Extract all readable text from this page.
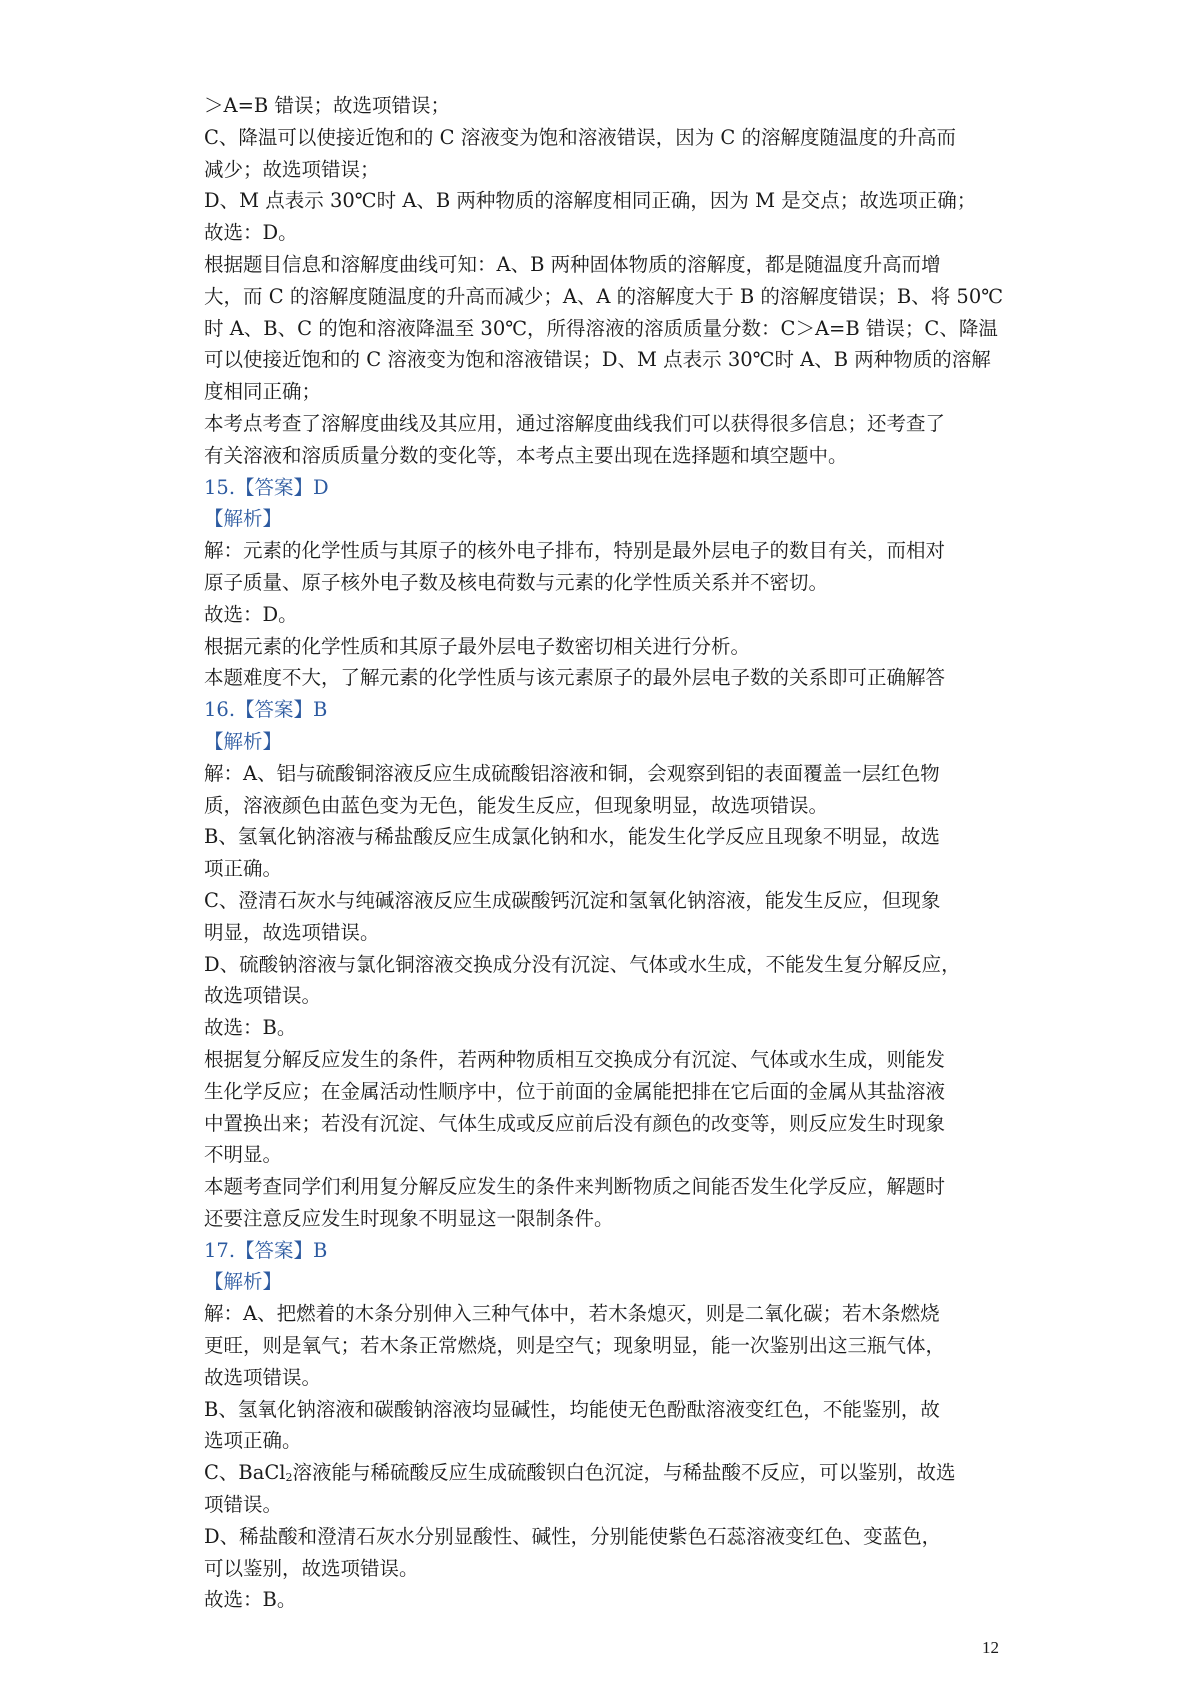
＞A=B 错误；故选项错误；
C、降温可以使接近饱和的 C 溶液变为饱和溶液错误，因为 C 的溶解度随温度的升高而
减少；故选项错误；
D、M 点表示 30℃时 A、B 两种物质的溶解度相同正确，因为 M 是交点；故选项正确；
故选：D。
根据题目信息和溶解度曲线可知：A、B 两种固体物质的溶解度，都是随温度升高而增
大，而 C 的溶解度随温度的升高而减少；A、A 的溶解度大于 B 的溶解度错误；B、将 50℃
时 A、B、C 的饱和溶液降温至 30℃，所得溶液的溶质质量分数：C＞A=B 错误；C、降温
可以使接近饱和的 C 溶液变为饱和溶液错误；D、M 点表示 30℃时 A、B 两种物质的溶解
度相同正确；
本考点考查了溶解度曲线及其应用，通过溶解度曲线我们可以获得很多信息；还考查了
有关溶液和溶质质量分数的变化等，本考点主要出现在选择题和填空题中。
15.【答案】D
【解析】
解：元素的化学性质与其原子的核外电子排布，特别是最外层电子的数目有关，而相对
原子质量、原子核外电子数及核电荷数与元素的化学性质关系并不密切。
故选：D。
根据元素的化学性质和其原子最外层电子数密切相关进行分析。
本题难度不大，了解元素的化学性质与该元素原子的最外层电子数的关系即可正确解答
16.【答案】B
【解析】
解：A、铝与硫酸铜溶液反应生成硫酸铝溶液和铜，会观察到铝的表面覆盖一层红色物
质，溶液颜色由蓝色变为无色，能发生反应，但现象明显，故选项错误。
B、氢氧化钠溶液与稀盐酸反应生成氯化钠和水，能发生化学反应且现象不明显，故选
项正确。
C、澄清石灰水与纯碱溶液反应生成碳酸钙沉淀和氢氧化钠溶液，能发生反应，但现象
明显，故选项错误。
D、硫酸钠溶液与氯化铜溶液交换成分没有沉淀、气体或水生成，不能发生复分解反应，
故选项错误。
故选：B。
根据复分解反应发生的条件，若两种物质相互交换成分有沉淀、气体或水生成，则能发
生化学反应；在金属活动性顺序中，位于前面的金属能把排在它后面的金属从其盐溶液
中置换出来；若没有沉淀、气体生成或反应前后没有颜色的改变等，则反应发生时现象
不明显。
本题考查同学们利用复分解反应发生的条件来判断物质之间能否发生化学反应，解题时
还要注意反应发生时现象不明显这一限制条件。
17.【答案】B
【解析】
解：A、把燃着的木条分别伸入三种气体中，若木条熄灭，则是二氧化碳；若木条燃烧
更旺，则是氧气；若木条正常燃烧，则是空气；现象明显，能一次鉴别出这三瓶气体，
故选项错误。
B、氢氧化钠溶液和碳酸钠溶液均显碱性，均能使无色酚酞溶液变红色，不能鉴别，故
选项正确。
C、BaCl$_2$溶液能与稀硫酸反应生成硫酸钡白色沉淀，与稀盐酸不反应，可以鉴别，故选
项错误。
D、稀盐酸和澄清石灰水分别显酸性、碱性，分别能使紫色石蕊溶液变红色、变蓝色，
可以鉴别，故选项错误。
故选：B。
12
